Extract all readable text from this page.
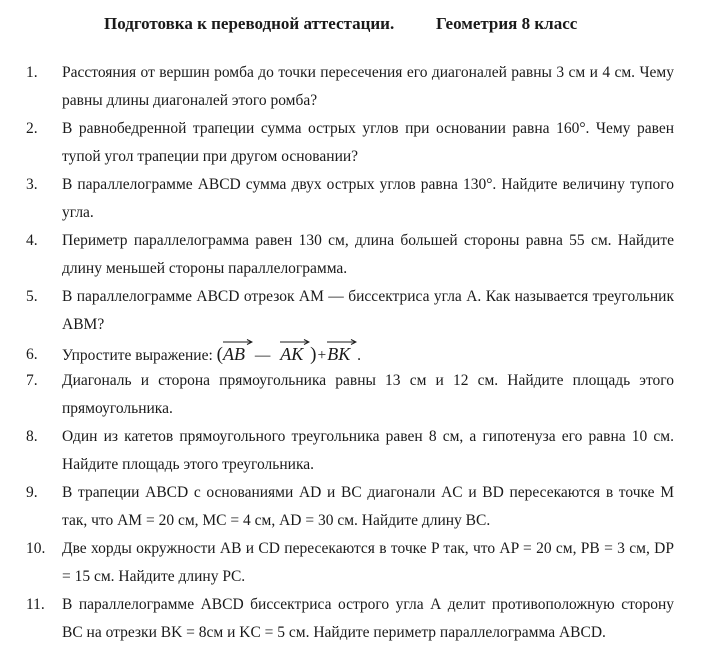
Подготовка к переводной аттестации.

Геометрия 8 класс

1.	Расстояния от вершин ромба до точки пересечения его диагоналей равны 3 см и 4 см. Чему равны длины диагоналей этого ромба?
2.	В равнобедренной трапеции сумма острых углов при основании равна 160°. Чему равен тупой угол трапеции при другом основании?
3.	В параллелограмме ABCD сумма двух острых углов равна 130°. Найдите величину тупого угла.
4.	Периметр параллелограмма равен 130 см, длина большей стороны равна 55 см. Найдите длину меньшей стороны параллелограмма.
5.	В параллелограмме ABCD отрезок AM — биссектриса угла А. Как называется треугольник ABM?
6.	Упростите выражение: (
AB — AK )+
BK .
7.	Диагональ и сторона прямоугольника равны 13 см и 12 см. Найдите площадь этого прямоугольника.
8.	Один из катетов прямоугольного треугольника равен 8 см, а гипотенуза его равна 10 см. Найдите площадь этого треугольника.
9.	В трапеции ABCD с основаниями AD и BC диагонали AC и BD пересекаются в точке M так, что AM = 20 см, MC = 4 см, AD = 30 см. Найдите длину BC.
10. Две хорды окружности AB и CD пересекаются в точке P так, что AP = 20 см, PB = 3 см, DP = 15 см. Найдите длину PC.
11.	В параллелограмме ABCD биссектриса острого угла А делит противоположную сторону BC на отрезки BK = 8см и KC = 5 см. Найдите периметр параллелограмма ABCD.
